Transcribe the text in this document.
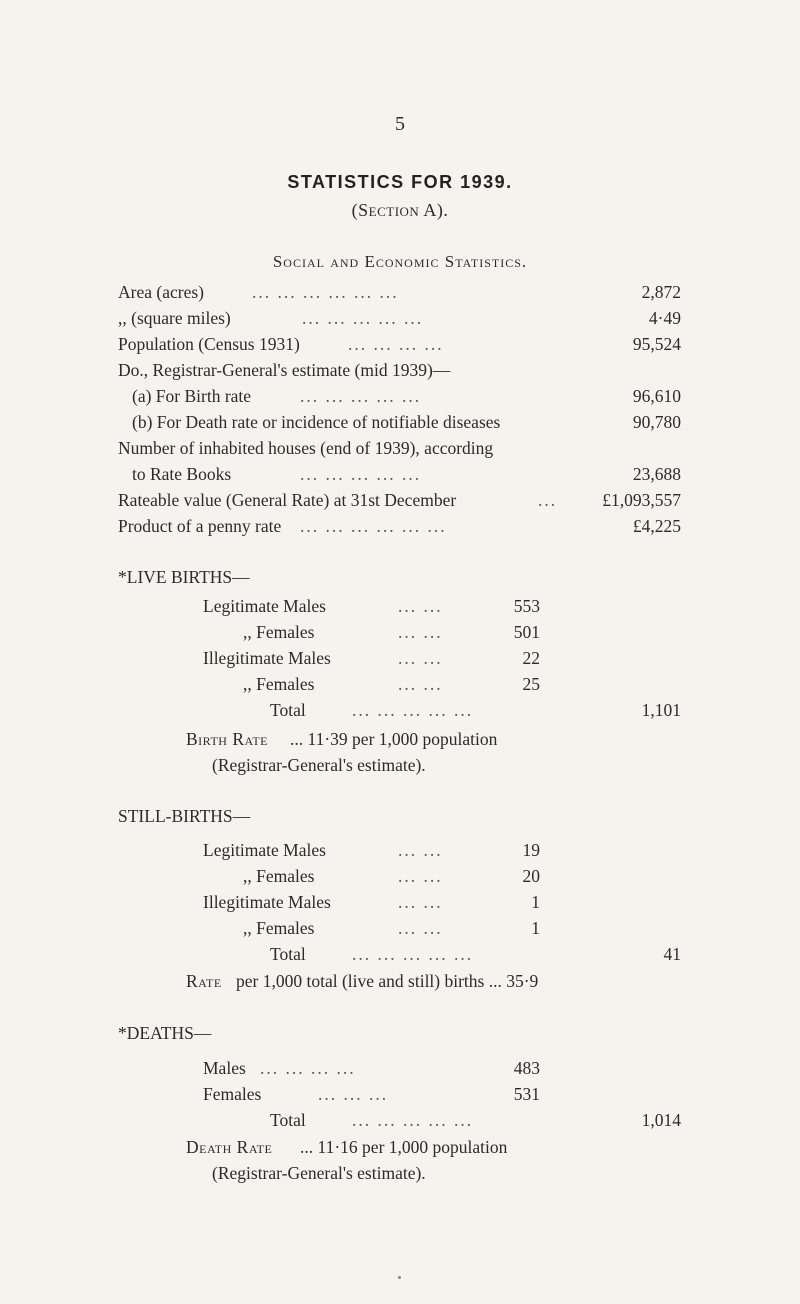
5
STATISTICS FOR 1939.
(Section A).
Social and Economic Statistics.
Area (acres)	... ... ... ... ... ...	2,872
,, (square miles)	... ... ... ... ...	4·49
Population (Census 1931)	... ... ... ...	95,524
Do., Registrar-General's estimate (mid 1939)—
(a) For Birth rate	... ... ... ... ...	96,610
(b) For Death rate or incidence of notifiable diseases	90,780
Number of inhabited houses (end of 1939), according
to Rate Books	... ... ... ... ...	23,688
Rateable value (General Rate) at 31st December	...	£1,093,557
Product of a penny rate ... ... ... ... ... ...	£4,225
*LIVE BIRTHS—
Legitimate Males	... ...	553
,, Females	... ...	501
Illegitimate Males	... ...	22
,, Females	... ...	25
Total	... ... ... ... ...	1,101
Birth Rate ... 11·39 per 1,000 population
(Registrar-General's estimate).
STILL-BIRTHS—
Legitimate Males	... ...	19
,, Females	... ...	20
Illegitimate Males	... ...	1
,, Females	... ...	1
Total	... ... ... ... ...	41
Rate per 1,000 total (live and still) births ... 35·9
*DEATHS—
Males ... ... ... ...	483
Females	... ... ...	531
Total	... ... ... ... ...	1,014
Death Rate ... 11·16 per 1,000 population
(Registrar-General's estimate).
